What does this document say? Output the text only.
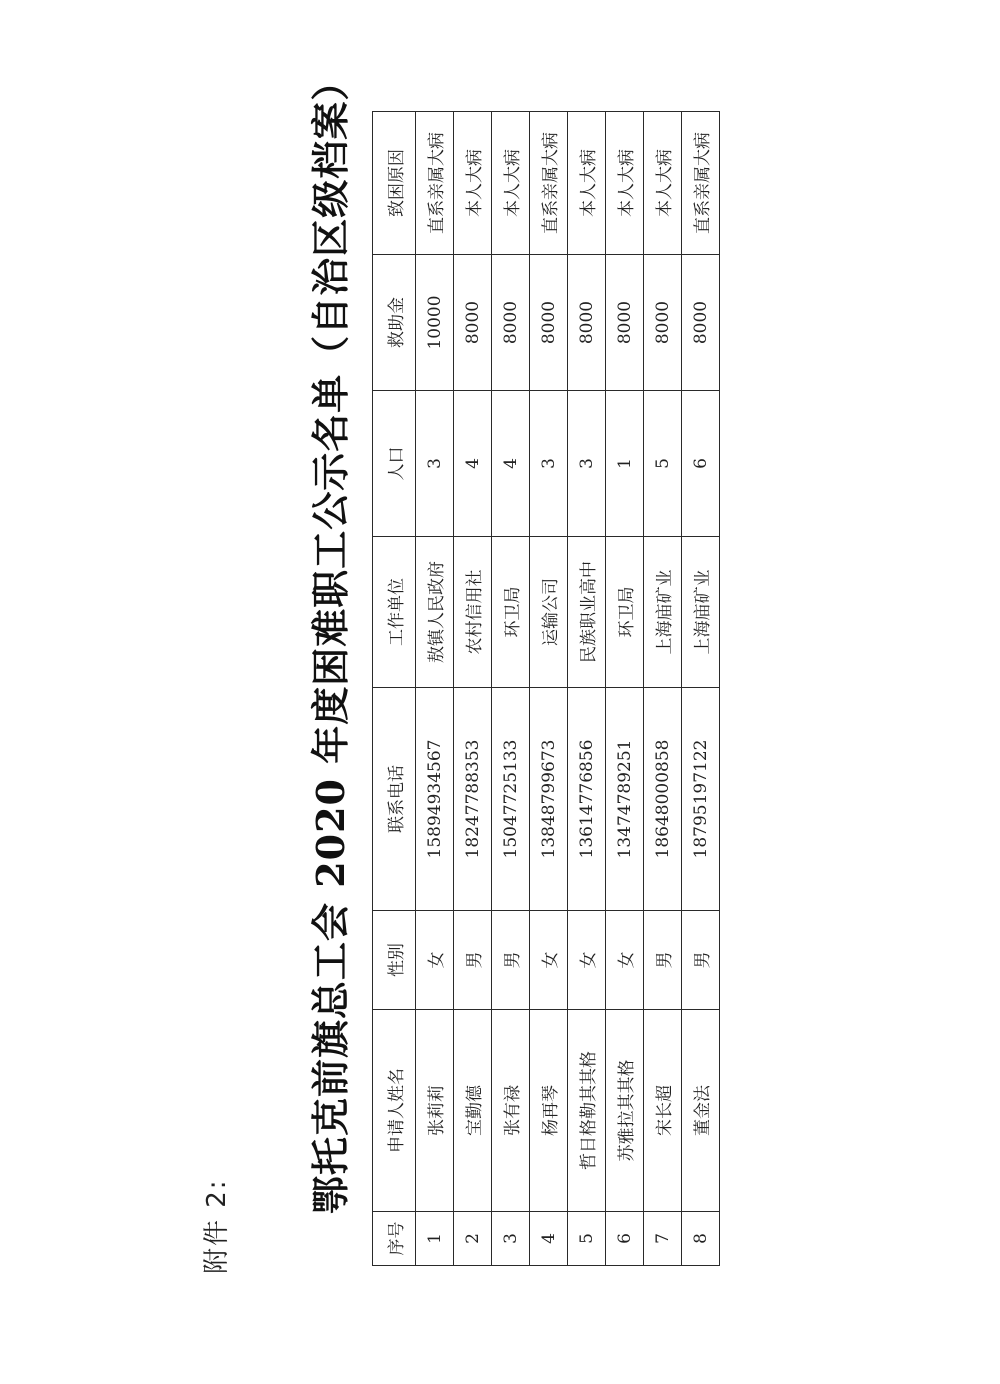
附件 2:
鄂托克前旗总工会 2020 年度困难职工公示名单（自治区级档案）
序号	申请人姓名	性别	联系电话	工作单位	人口	救助金	致困原因
1	张莉莉	女	15894934567	敖镇人民政府	3	10000	直系亲属大病
2	宝勤德	男	18247788353	农村信用社	4	8000	本人大病
3	张有禄	男	15047725133	环卫局	4	8000	本人大病
4	杨再琴	女	13848799673	运输公司	3	8000	直系亲属大病
5	哲日格勒其其格	女	13614776856	民族职业高中	3	8000	本人大病
6	苏雅拉其其格	女	13474789251	环卫局	1	8000	本人大病
7	宋长超	男	18648000858	上海庙矿业	5	8000	本人大病
8	董金法	男	18795197122	上海庙矿业	6	8000	直系亲属大病
